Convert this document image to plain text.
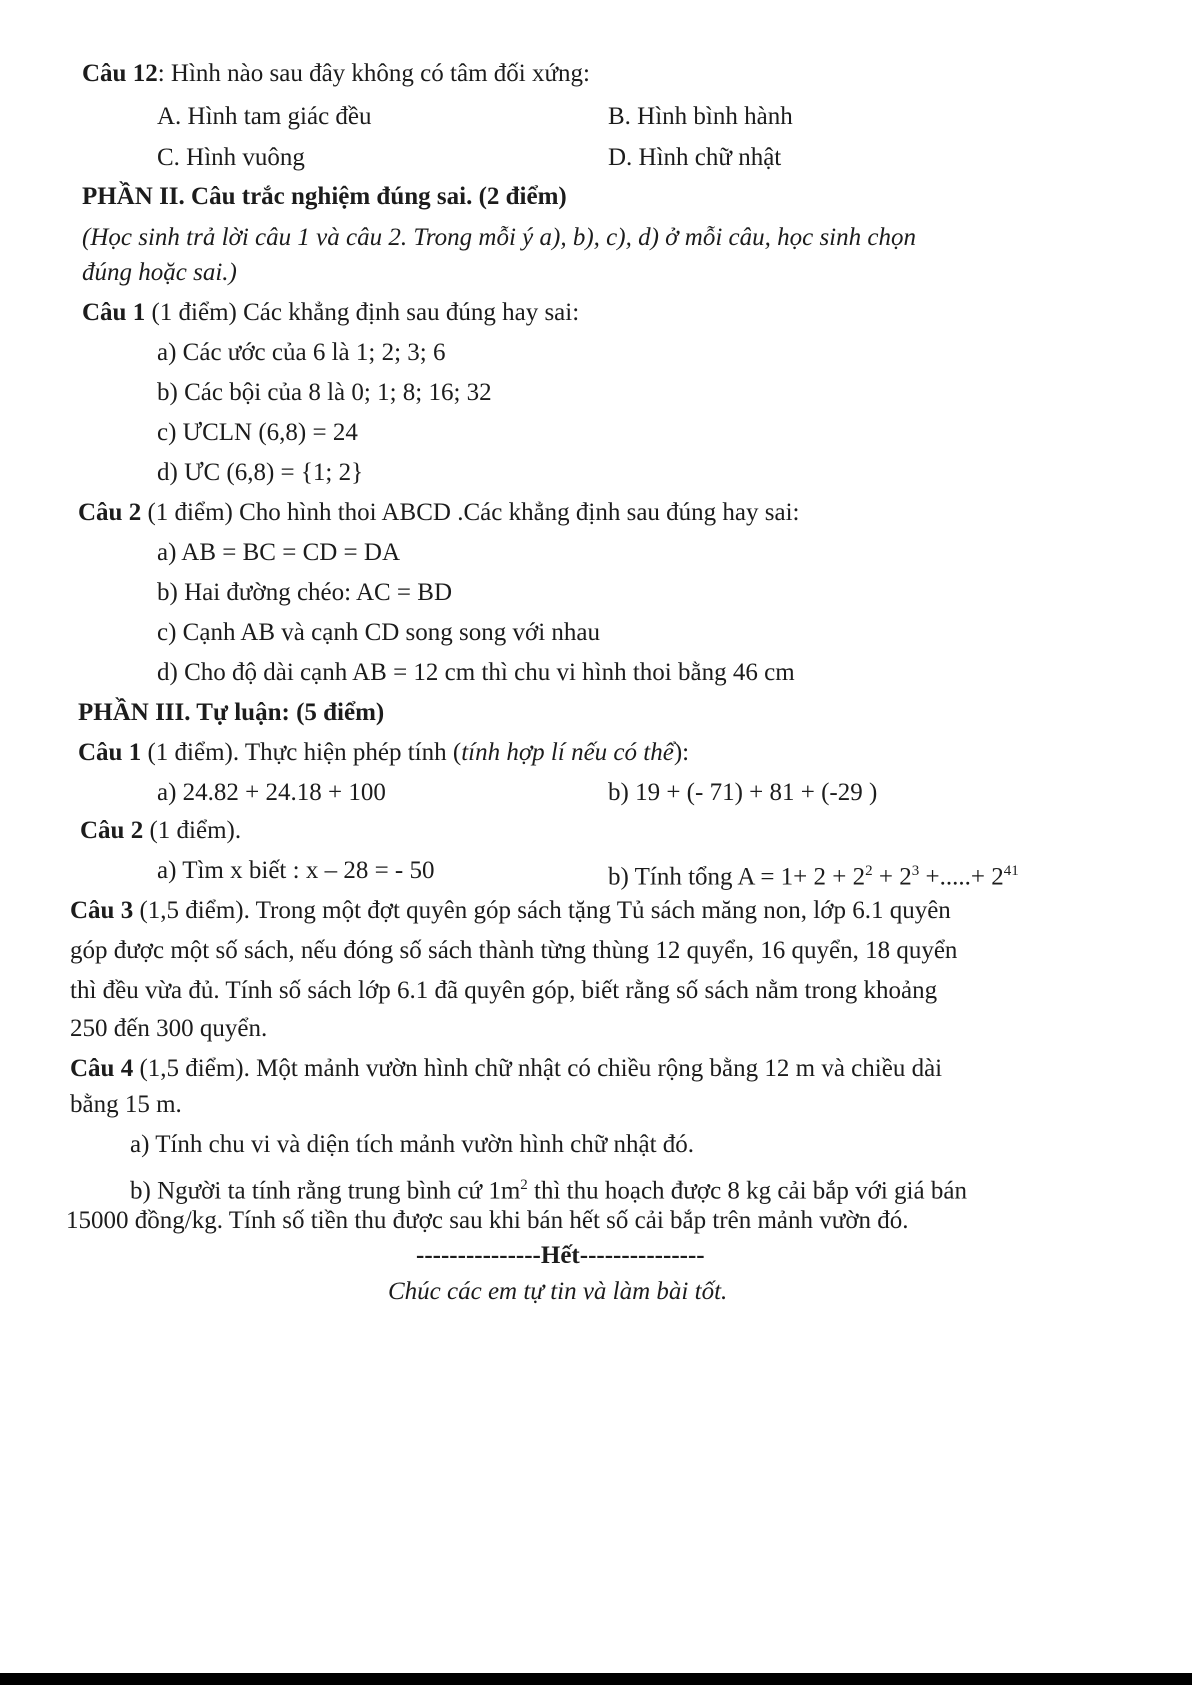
Câu 12: Hình nào sau đây không có tâm đối xứng:
A. Hình tam giác đều	B. Hình bình hành
C. Hình vuông	D. Hình chữ nhật
PHẦN II. Câu trắc nghiệm đúng sai. (2 điểm)
(Học sinh trả lời câu 1 và câu 2. Trong mỗi ý a), b), c), d) ở mỗi câu, học sinh chọn
đúng hoặc sai.)
Câu 1 (1 điểm) Các khẳng định sau đúng hay sai:
a) Các ước của 6 là 1; 2; 3; 6
b) Các bội của 8 là 0; 1; 8; 16; 32
c) ƯCLN (6,8) = 24
d) ƯC (6,8) = {1; 2}
Câu 2 (1 điểm) Cho hình thoi ABCD .Các khẳng định sau đúng hay sai:
a) AB = BC = CD = DA
b) Hai đường chéo: AC = BD
c) Cạnh AB và cạnh CD song song với nhau
d) Cho độ dài cạnh AB = 12 cm thì chu vi hình thoi bằng 46 cm
PHẦN III. Tự luận: (5 điểm)
Câu 1 (1 điểm). Thực hiện phép tính (tính hợp lí nếu có thể):
a) 24.82 + 24.18 + 100	b) 19 + (- 71) + 81 + (-29 )
Câu 2 (1 điểm).
a) Tìm x biết : x – 28 = - 50	b) Tính tổng $A = 1+ 2 + 2^2 + 2^3$ +.....+ $2^{41}$
Câu 3 (1,5 điểm). Trong một đợt quyên góp sách tặng Tủ sách măng non, lớp 6.1 quyên
góp được một số sách, nếu đóng số sách thành từng thùng 12 quyển, 16 quyển, 18 quyển
thì đều vừa đủ. Tính số sách lớp 6.1 đã quyên góp, biết rằng số sách nằm trong khoảng
250 đến 300 quyển.
Câu 4 (1,5 điểm). Một mảnh vườn hình chữ nhật có chiều rộng bằng 12 m và chiều dài
bằng 15 m.
a) Tính chu vi và diện tích mảnh vườn hình chữ nhật đó.
b) Người ta tính rằng trung bình cứ $1m^2$ thì thu hoạch được 8 kg cải bắp với giá bán
15000 đồng/kg. Tính số tiền thu được sau khi bán hết số cải bắp trên mảnh vườn đó.
---------------Hết---------------
Chúc các em tự tin và làm bài tốt.
